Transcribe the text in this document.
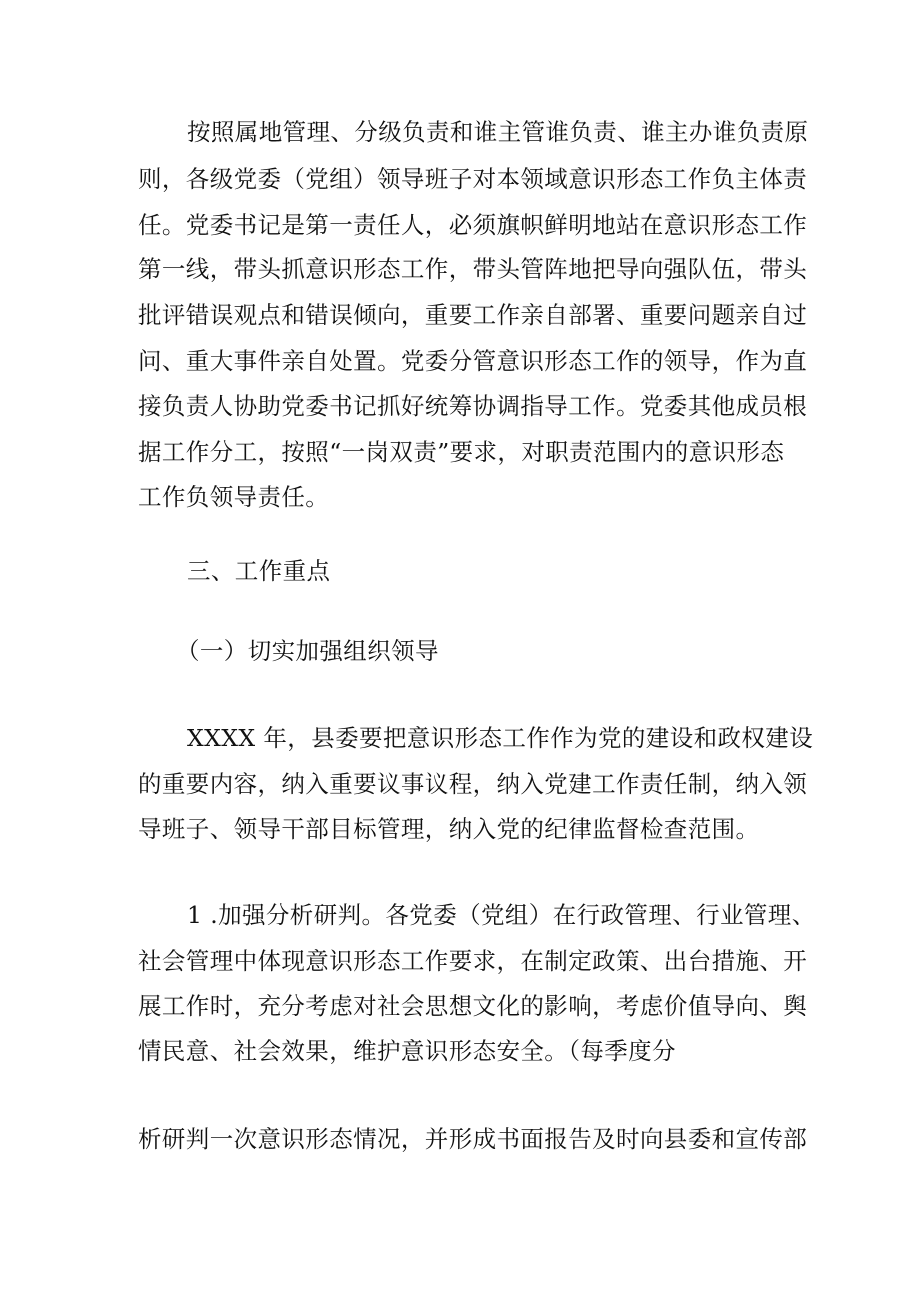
按照属地管理、分级负责和谁主管谁负责、谁主办谁负责原
则，各级党委（党组）领导班子对本领域意识形态工作负主体责
任。党委书记是第一责任人，必须旗帜鲜明地站在意识形态工作
第一线，带头抓意识形态工作，带头管阵地把导向强队伍，带头
批评错误观点和错误倾向，重要工作亲自部署、重要问题亲自过
问、重大事件亲自处置。党委分管意识形态工作的领导，作为直
接负责人协助党委书记抓好统筹协调指导工作。党委其他成员根
据工作分工，按照“一岗双责”要求，对职责范围内的意识形态
工作负领导责任。
三、工作重点
（一）切实加强组织领导
XXXX 年，县委要把意识形态工作作为党的建设和政权建设
的重要内容，纳入重要议事议程，纳入党建工作责任制，纳入领
导班子、领导干部目标管理，纳入党的纪律监督检查范围。
1 .加强分析研判。各党委（党组）在行政管理、行业管理、
社会管理中体现意识形态工作要求，在制定政策、出台措施、开
展工作时，充分考虑对社会思想文化的影响，考虑价值导向、舆
情民意、社会效果，维护意识形态安全。（每季度分
析研判一次意识形态情况，并形成书面报告及时向县委和宣传部
